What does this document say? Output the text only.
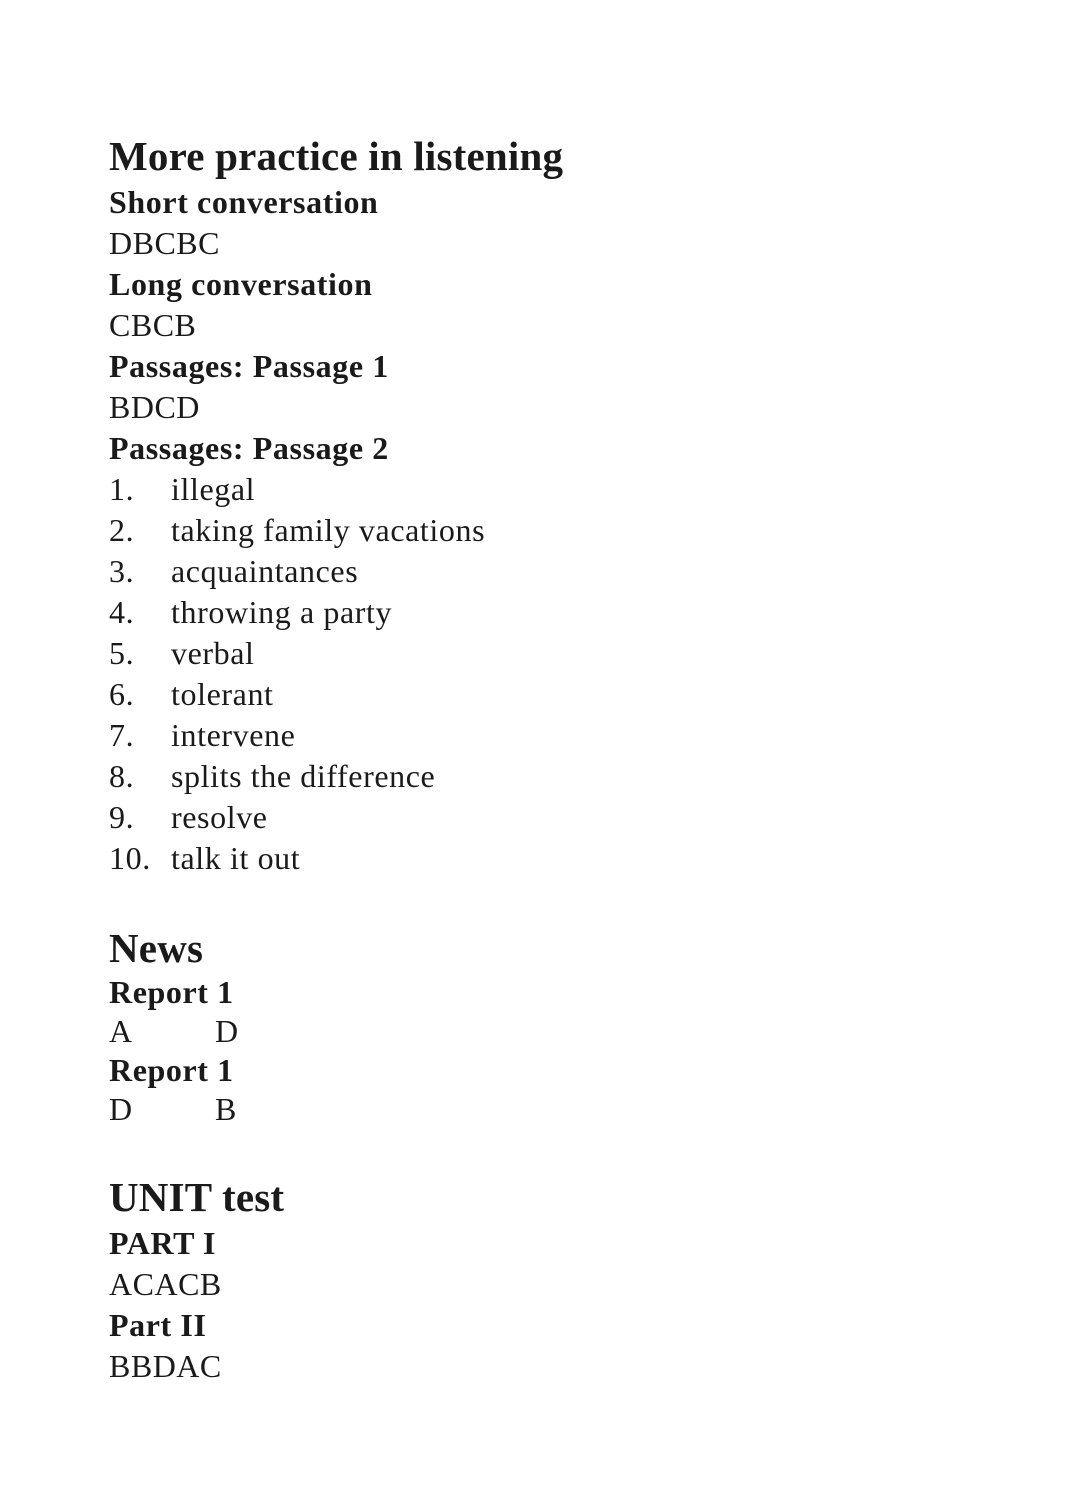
More practice in listening
Short conversation

DBCBC

Long conversation

CBCB

Passages: Passage 1

BDCD

Passages: Passage 2
1.	illegal
2.	taking family vacations
3.	acquaintances
4.	throwing a party
5.	verbal
6.	tolerant
7.	intervene
8.	splits the difference
9.	resolve
10. talk it out
News
Report 1

A	D

Report 1

D	B

UNIT test
PART I

ACACB

Part II

BBDAC
